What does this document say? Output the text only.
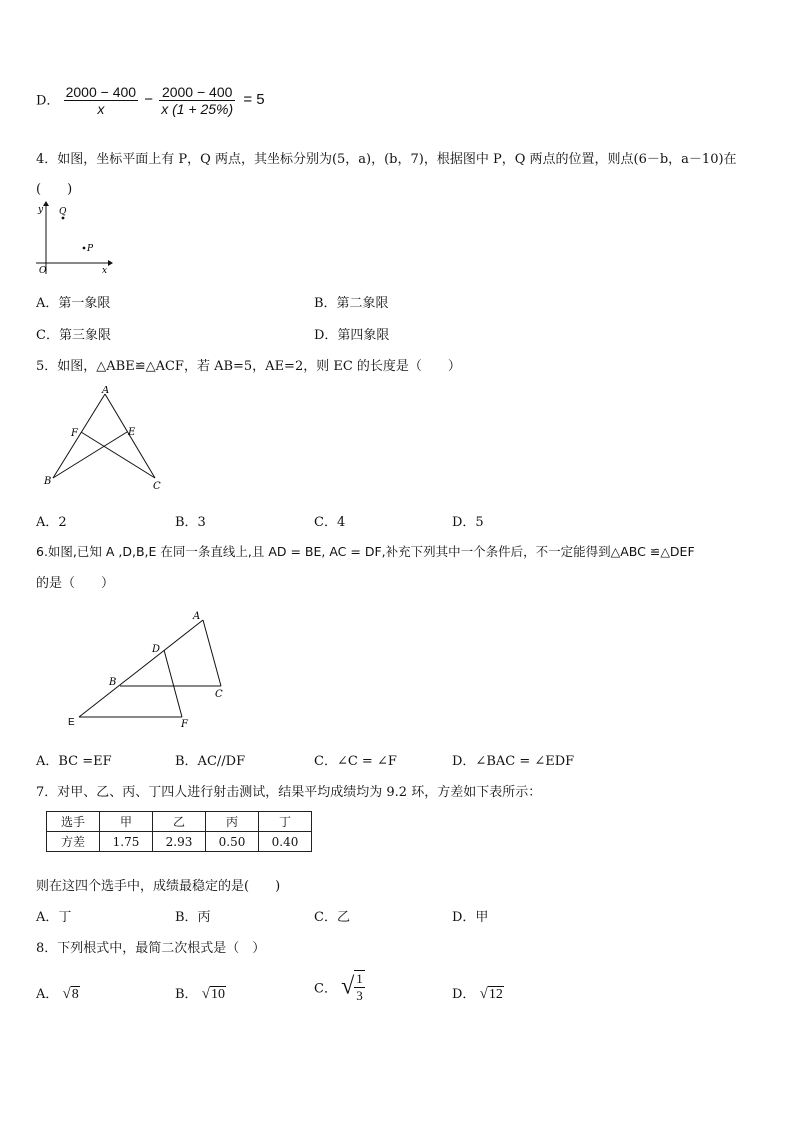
D． $\frac{2000 - 400}{x} - \frac{2000 - 400}{x (1 + 25\%)} = 5$
4．如图，坐标平面上有 P，Q 两点，其坐标分别为(5，a)，(b，7)，根据图中 P，Q 两点的位置，则点(6－b，a－10)在
(　　)
y
x
O
Q
P
A．第一象限	B．第二象限
C．第三象限	D．第四象限
5．如图，△ABE≌△ACF，若 AB=5，AE=2，则 EC 的长度是（　　）
A
F	E
B	C
A．2	B．3	C．4	D．5
6.如图,已知 A ,D,B,E 在同一条直线上,且 AD = BE, AC = DF,补充下列其中一个条件后，不一定能得到△ABC ≌△DEF
的是（　　）
A
D
B
C
E	F
A．BC =EF	B．AC//DF	C．∠C = ∠F	D．∠BAC = ∠EDF
7．对甲、乙、丙、丁四人进行射击测试，结果平均成绩均为 9.2 环，方差如下表所示：
选手	甲	乙	丙	丁
方差	1.75	2.93	0.50	0.40
则在这四个选手中，成绩最稳定的是(　　)
A．丁	B．丙	C．乙	D．甲
8．下列根式中，最简二次根式是（　）
A． √8	B． √10	C． √ $\frac{1}{3}$	D． √12
